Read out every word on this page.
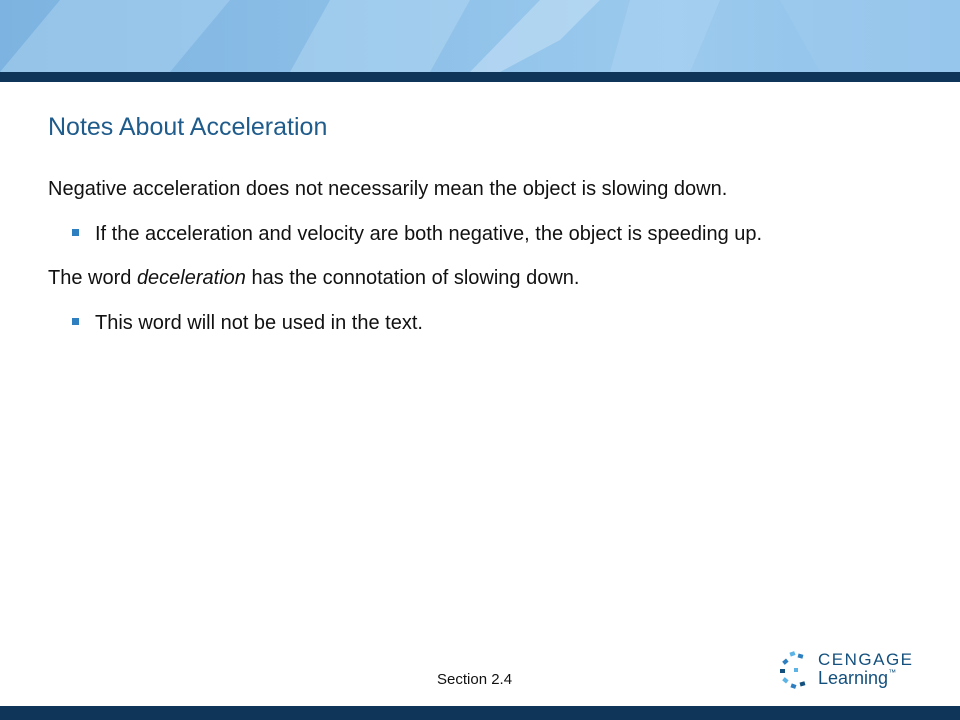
Notes About Acceleration
Negative acceleration does not necessarily mean the object is slowing down.
If the acceleration and velocity are both negative, the object is speeding up.
The word deceleration has the connotation of slowing down.
This word will not be used in the text.
Section 2.4
CENGAGE
Learning™
